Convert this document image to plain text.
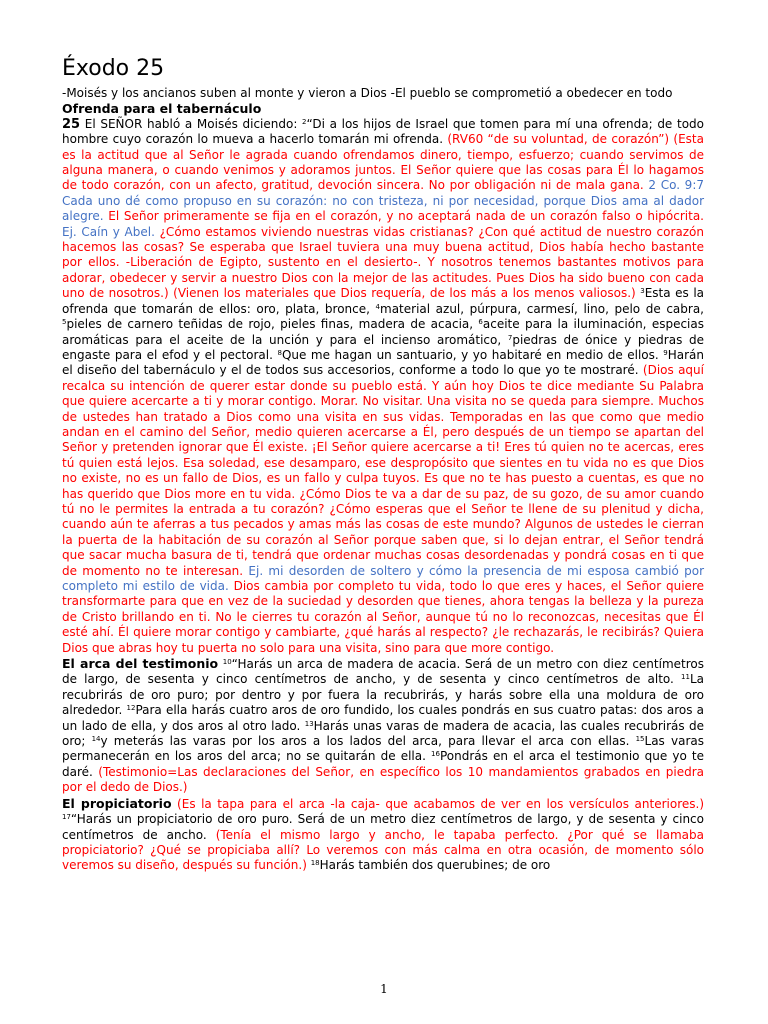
Éxodo 25

-Moisés y los ancianos suben al monte y vieron a Dios -El pueblo se comprometió a obedecer en todo

Ofrenda para el tabernáculo

25 El SEÑOR habló a Moisés diciendo: $^2$“Di a los hijos de Israel que tomen para mí una ofrenda; de todo hombre cuyo corazón lo mueva a hacerlo tomarán mi ofrenda. (RV60 “de su voluntad, de corazón”) (Esta es la actitud que al Señor le agrada cuando ofrendamos dinero, tiempo, esfuerzo; cuando servimos de alguna manera, o cuando venimos y adoramos juntos. El Señor quiere que las cosas para Él lo hagamos de todo corazón, con un afecto, gratitud, devoción sincera. No por obligación ni de mala gana. 2 Co. 9:7 Cada uno dé como propuso en su corazón: no con tristeza, ni por necesidad, porque Dios ama al dador alegre. El Señor primeramente se fija en el corazón, y no aceptará nada de un corazón falso o hipócrita. Ej. Caín y Abel. ¿Cómo estamos viviendo nuestras vidas cristianas? ¿Con qué actitud de nuestro corazón hacemos las cosas? Se esperaba que Israel tuviera una muy buena actitud, Dios había hecho bastante por ellos. -Liberación de Egipto, sustento en el desierto-. Y nosotros tenemos bastantes motivos para adorar, obedecer y servir a nuestro Dios con la mejor de las actitudes. Pues Dios ha sido bueno con cada uno de nosotros.) (Vienen los materiales que Dios requería, de los más a los menos valiosos.) $^3$Esta es la ofrenda que tomarán de ellos: oro, plata, bronce, $^4$material azul, púrpura, carmesí, lino, pelo de cabra, $^5$pieles de carnero teñidas de rojo, pieles finas, madera de acacia, $^6$aceite para la iluminación, especias aromáticas para el aceite de la unción y para el incienso aromático, $^7$piedras de ónice y piedras de engaste para el efod y el pectoral. $^8$Que me hagan un santuario, y yo habitaré en medio de ellos. $^9$Harán el diseño del tabernáculo y el de todos sus accesorios, conforme a todo lo que yo te mostraré. (Dios aquí recalca su intención de querer estar donde su pueblo está. Y aún hoy Dios te dice mediante Su Palabra que quiere acercarte a ti y morar contigo. Morar. No visitar. Una visita no se queda para siempre. Muchos de ustedes han tratado a Dios como una visita en sus vidas. Temporadas en las que como que medio andan en el camino del Señor, medio quieren acercarse a Él, pero después de un tiempo se apartan del Señor y pretenden ignorar que Él existe. ¡El Señor quiere acercarse a ti! Eres tú quien no te acercas, eres tú quien está lejos. Esa soledad, ese desamparo, ese despropósito que sientes en tu vida no es que Dios no existe, no es un fallo de Dios, es un fallo y culpa tuyos. Es que no te has puesto a cuentas, es que no has querido que Dios more en tu vida. ¿Cómo Dios te va a dar de su paz, de su gozo, de su amor cuando tú no le permites la entrada a tu corazón? ¿Cómo esperas que el Señor te llene de su plenitud y dicha, cuando aún te aferras a tus pecados y amas más las cosas de este mundo? Algunos de ustedes le cierran la puerta de la habitación de su corazón al Señor porque saben que, si lo dejan entrar, el Señor tendrá que sacar mucha basura de ti, tendrá que ordenar muchas cosas desordenadas y pondrá cosas en ti que de momento no te interesan. Ej. mi desorden de soltero y cómo la presencia de mi esposa cambió por completo mi estilo de vida. Dios cambia por completo tu vida, todo lo que eres y haces, el Señor quiere transformarte para que en vez de la suciedad y desorden que tienes, ahora tengas la belleza y la pureza de Cristo brillando en ti. No le cierres tu corazón al Señor, aunque tú no lo reconozcas, necesitas que Él esté ahí. Él quiere morar contigo y cambiarte, ¿qué harás al respecto? ¿le rechazarás, le recibirás? Quiera Dios que abras hoy tu puerta no solo para una visita, sino para que more contigo.

El arca del testimonio $^{10}$“Harás un arca de madera de acacia. Será de un metro con diez centímetros de largo, de sesenta y cinco centímetros de ancho, y de sesenta y cinco centímetros de alto. $^{11}$La recubrirás de oro puro; por dentro y por fuera la recubrirás, y harás sobre ella una moldura de oro alrededor. $^{12}$Para ella harás cuatro aros de oro fundido, los cuales pondrás en sus cuatro patas: dos aros a un lado de ella, y dos aros al otro lado. $^{13}$Harás unas varas de madera de acacia, las cuales recubrirás de oro; $^{14}$y meterás las varas por los aros a los lados del arca, para llevar el arca con ellas. $^{15}$Las varas permanecerán en los aros del arca; no se quitarán de ella. $^{16}$Pondrás en el arca el testimonio que yo te daré. (Testimonio=Las declaraciones del Señor, en específico los 10 mandamientos grabados en piedra por el dedo de Dios.)

El propiciatorio (Es la tapa para el arca -la caja- que acabamos de ver en los versículos anteriores.) $^{17}$“Harás un propiciatorio de oro puro. Será de un metro diez centímetros de largo, y de sesenta y cinco centímetros de ancho. (Tenía el mismo largo y ancho, le tapaba perfecto. ¿Por qué se llamaba propiciatorio? ¿Qué se propiciaba allí? Lo veremos con más calma en otra ocasión, de momento sólo veremos su diseño, después su función.) $^{18}$Harás también dos querubines; de oro

1
